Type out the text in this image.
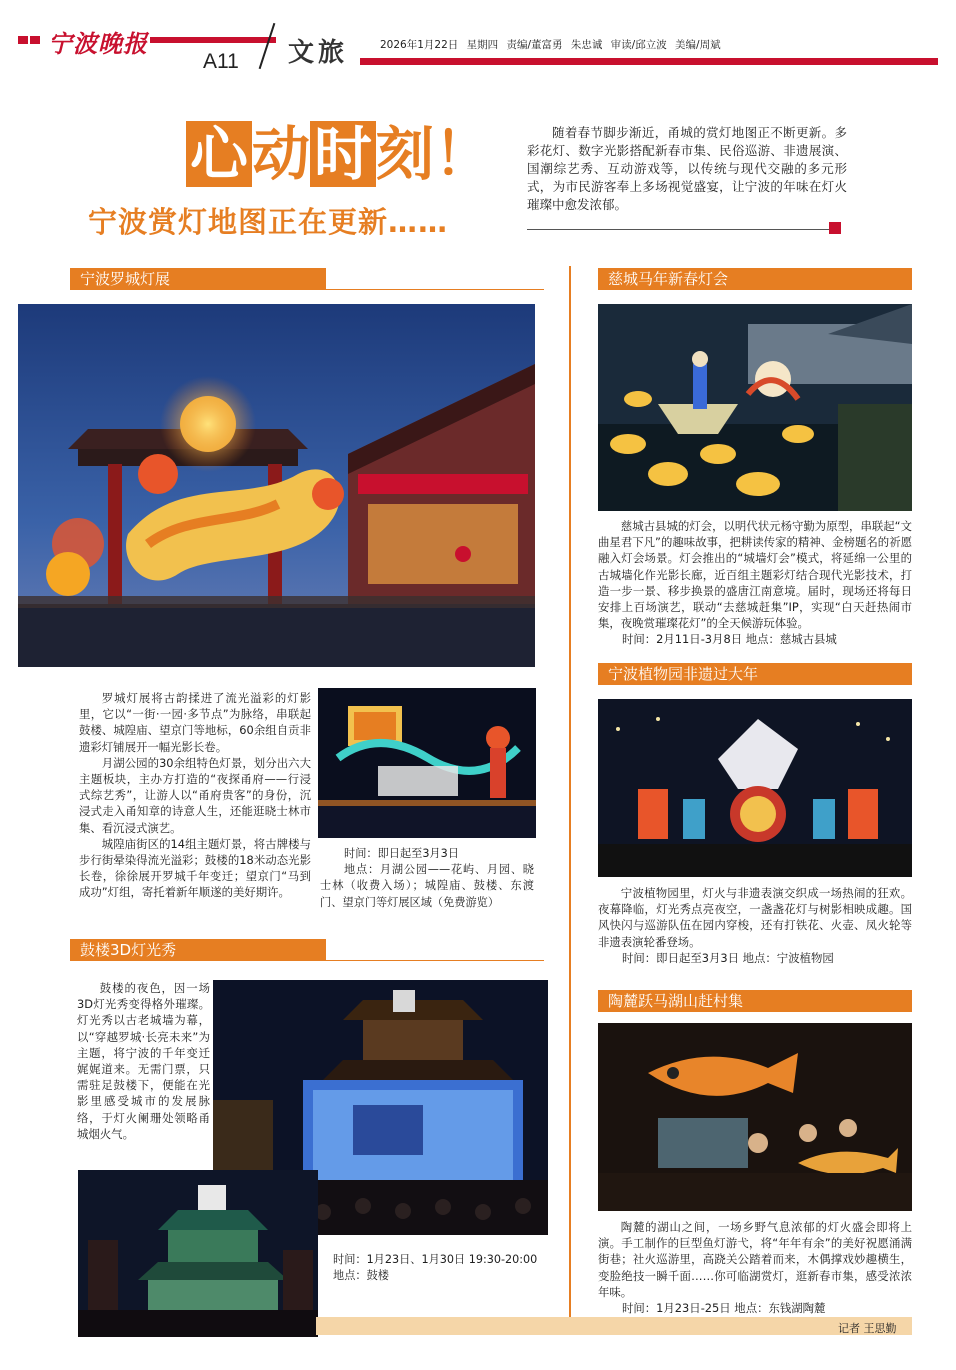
宁波晚报
A11 文旅	2026年1月22日 星期四 责编/董富勇 朱忠诚 审读/邱立波 美编/周斌
心 动 时 刻！
宁波赏灯地图正在更新……
随着春节脚步渐近，甬城的赏灯地图正不断更新。多彩花灯、数字光影搭配新春市集、民俗巡游、非遗展演、国潮综艺秀、互动游戏等，以传统与现代交融的多元形式，为市民游客奉上多场视觉盛宴，让宁波的年味在灯火璀璨中愈发浓郁。
宁波罗城灯展

罗城灯展将古韵揉进了流光溢彩的灯影里，它以“一街·一园·多节点”为脉络，串联起鼓楼、城隍庙、望京门等地标，60余组自贡非遗彩灯铺展开一幅光影长卷。

月湖公园的30余组特色灯景，划分出六大主题板块，主办方打造的“夜探甬府——行浸式综艺秀”，让游人以“甬府贵客”的身份，沉浸式走入甬知章的诗意人生，还能逛晓士林市集、看沉浸式演艺。

城隍庙街区的14组主题灯景，将古牌楼与步行街晕染得流光溢彩；鼓楼的18米动态光影长卷，徐徐展开罗城千年变迁；望京门“马到成功”灯组，寄托着新年顺遂的美好期许。

时间：即日起至3月3日

地点：月湖公园——花屿、月园、晓士林（收费入场）；城隍庙、鼓楼、东渡门、望京门等灯展区域（免费游览）

鼓楼3D灯光秀

鼓楼的夜色，因一场3D灯光秀变得格外璀璨。灯光秀以古老城墙为幕，以“穿越罗城·长亮未来”为主题，将宁波的千年变迁娓娓道来。无需门票，只需驻足鼓楼下，便能在光影里感受城市的发展脉络，于灯火阑珊处领略甬城烟火气。

时间：1月23日、1月30日 19:30-20:00

地点：鼓楼

慈城马年新春灯会

慈城古县城的灯会，以明代状元杨守勤为原型，串联起“文曲星君下凡”的趣味故事，把耕读传家的精神、金榜题名的祈愿融入灯会场景。灯会推出的“城墙灯会”模式，将延绵一公里的古城墙化作光影长廊，近百组主题彩灯结合现代光影技术，打造一步一景、移步换景的盛唐江南意境。届时，现场还将每日安排上百场演艺，联动“去慈城赶集”IP，实现“白天赶热闹市集，夜晚赏璀璨花灯”的全天候游玩体验。

时间：2月11日-3月8日 地点：慈城古县城

宁波植物园非遗过大年

宁波植物园里，灯火与非遗表演交织成一场热闹的狂欢。夜幕降临，灯光秀点亮夜空，一盏盏花灯与树影相映成趣。国风快闪与巡游队伍在园内穿梭，还有打铁花、火壶、凤火轮等非遗表演轮番登场。

时间：即日起至3月3日 地点：宁波植物园

陶麓跃马湖山赶村集

陶麓的湖山之间，一场乡野气息浓郁的灯火盛会即将上演。手工制作的巨型鱼灯游弋，将“年年有余”的美好祝愿涌满街巷；社火巡游里，高跷关公踏着而来，木偶撑戏妙趣横生，变脸绝技一瞬千面……你可临湖赏灯，逛新春市集，感受浓浓年味。

时间：1月23日-25日 地点：东钱湖陶麓

记者 王思勤
